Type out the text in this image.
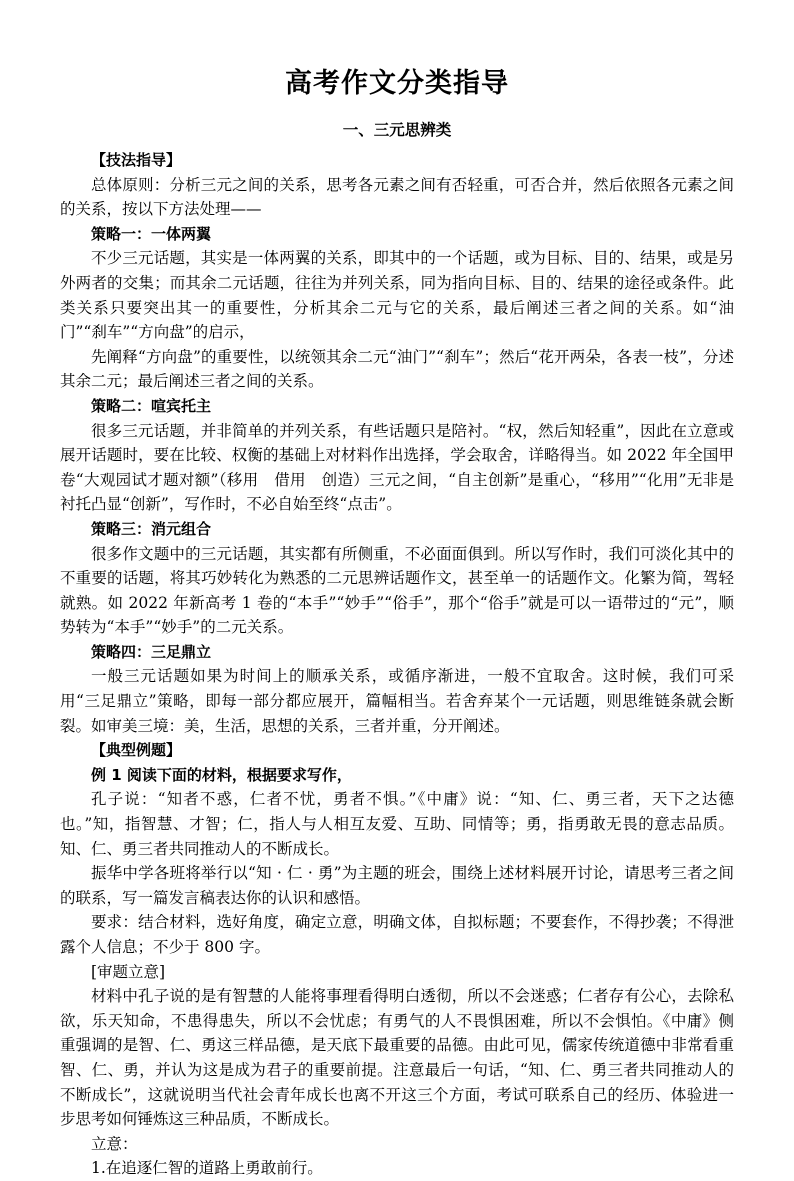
高考作文分类指导
一、三元思辨类

【技法指导】

总体原则：分析三元之间的关系，思考各元素之间有否轻重，可否合并，然后依照各元素之间的关系，按以下方法处理——

策略一：一体两翼

不少三元话题，其实是一体两翼的关系，即其中的一个话题，或为目标、目的、结果，或是另外两者的交集；而其余二元话题，往往为并列关系，同为指向目标、目的、结果的途径或条件。此类关系只要突出其一的重要性，分析其余二元与它的关系，最后阐述三者之间的关系。如“油门”“刹车”“方向盘”的启示，

先阐释“方向盘”的重要性，以统领其余二元“油门”“刹车”；然后“花开两朵，各表一枝”，分述其余二元；最后阐述三者之间的关系。

策略二：喧宾托主

很多三元话题，并非简单的并列关系，有些话题只是陪衬。“权，然后知轻重”，因此在立意或展开话题时，要在比较、权衡的基础上对材料作出选择，学会取舍，详略得当。如 2022 年全国甲卷“大观园试才题对额”（移用　借用　创造）三元之间，“自主创新”是重心，“移用”“化用”无非是衬托凸显“创新”，写作时，不必自始至终“点击”。

策略三：消元组合

很多作文题中的三元话题，其实都有所侧重，不必面面俱到。所以写作时，我们可淡化其中的不重要的话题，将其巧妙转化为熟悉的二元思辨话题作文，甚至单一的话题作文。化繁为简，驾轻就熟。如 2022 年新高考 1 卷的“本手”“妙手”“俗手”，那个“俗手”就是可以一语带过的“元”，顺势转为“本手”“妙手”的二元关系。

策略四：三足鼎立

一般三元话题如果为时间上的顺承关系，或循序渐进，一般不宜取舍。这时候，我们可采用“三足鼎立”策略，即每一部分都应展开，篇幅相当。若舍弃某个一元话题，则思维链条就会断裂。如审美三境：美，生活，思想的关系，三者并重，分开阐述。

【典型例题】

例 1 阅读下面的材料，根据要求写作，

孔子说：“知者不惑，仁者不忧，勇者不惧。”《中庸》说：“知、仁、勇三者，天下之达德也。”知，指智慧、才智；仁，指人与人相互友爱、互助、同情等；勇，指勇敢无畏的意志品质。知、仁、勇三者共同推动人的不断成长。

振华中学各班将举行以“知 · 仁 · 勇”为主题的班会，围绕上述材料展开讨论，请思考三者之间的联系，写一篇发言稿表达你的认识和感悟。

要求：结合材料，选好角度，确定立意，明确文体，自拟标题；不要套作，不得抄袭；不得泄露个人信息；不少于 800 字。

[审题立意]

材料中孔子说的是有智慧的人能将事理看得明白透彻，所以不会迷惑；仁者存有公心，去除私欲，乐天知命，不患得患失，所以不会忧虑；有勇气的人不畏惧困难，所以不会惧怕。《中庸》侧重强调的是智、仁、勇这三样品德，是天底下最重要的品德。由此可见，儒家传统道德中非常看重智、仁、勇，并认为这是成为君子的重要前提。注意最后一句话，“知、仁、勇三者共同推动人的不断成长”，这就说明当代社会青年成长也离不开这三个方面，考试可联系自己的经历、体验进一步思考如何锤炼这三种品质，不断成长。

立意：

1.在追逐仁智的道路上勇敢前行。
